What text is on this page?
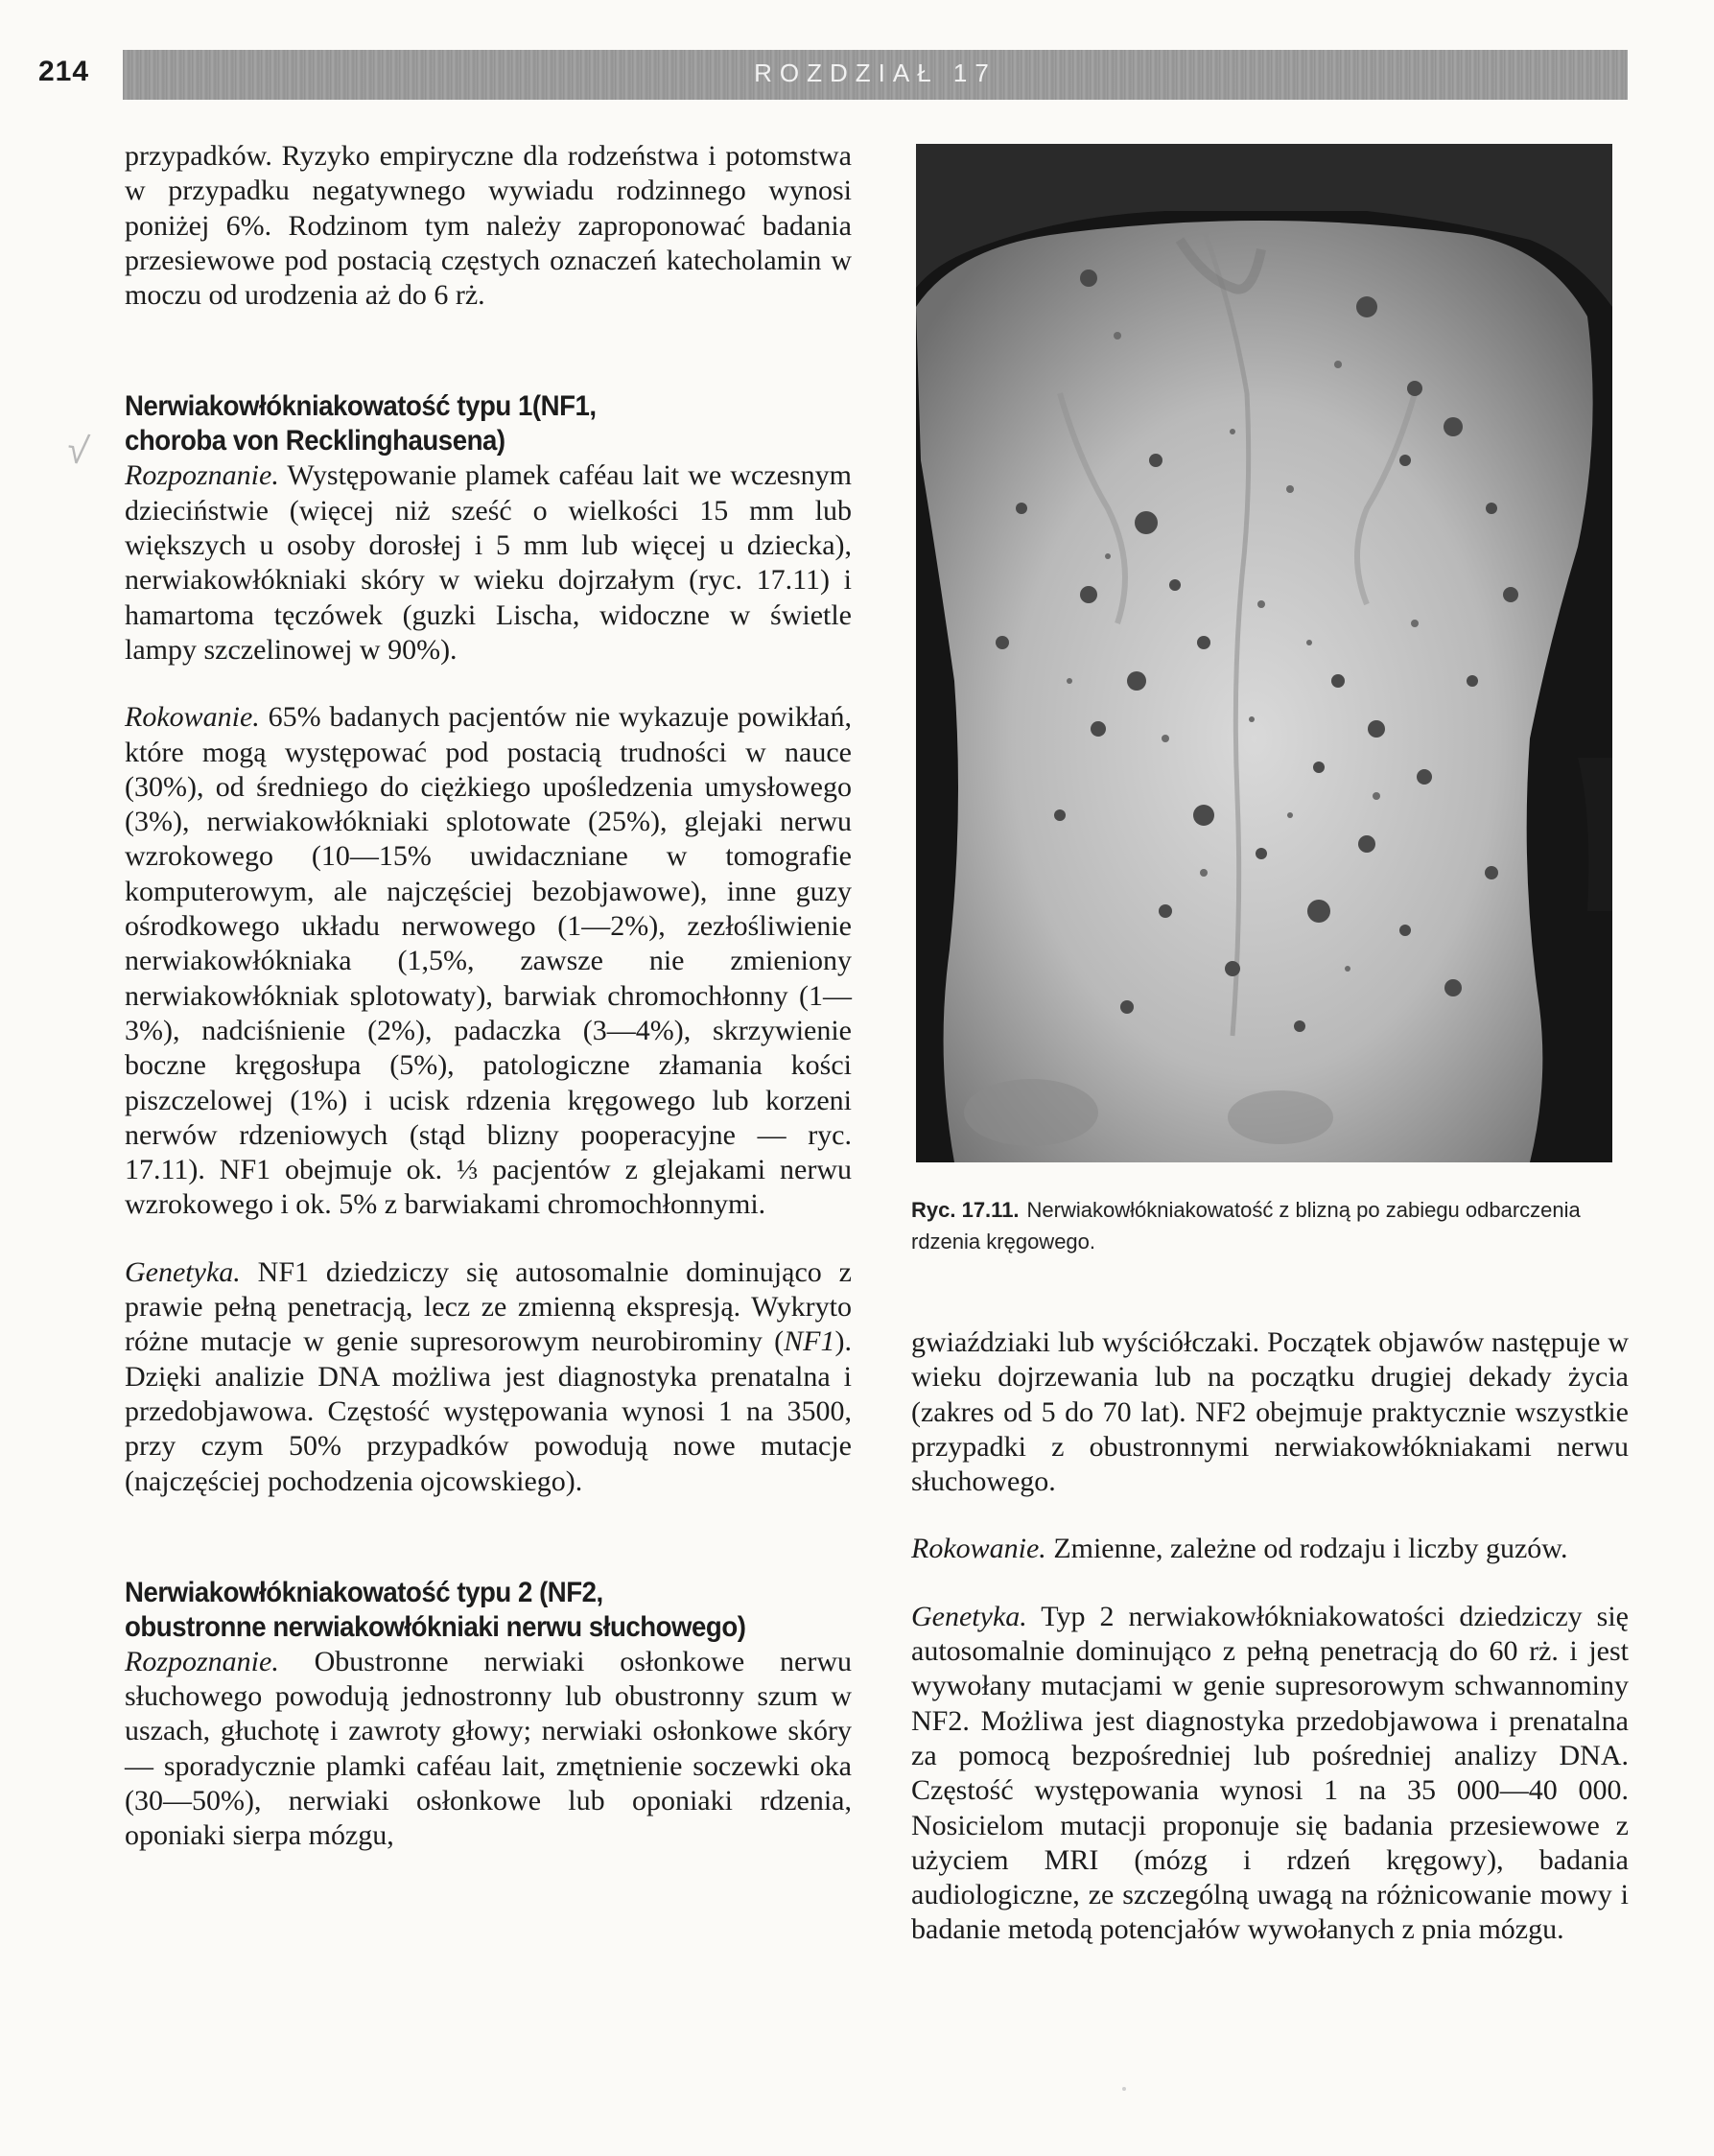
214	ROZDZIAŁ 17
√

przypadków. Ryzyko empiryczne dla rodzeństwa i potomstwa w przypadku negatywnego wywiadu rodzinnego wynosi poniżej 6%. Rodzinom tym należy zaproponować badania przesiewowe pod postacią częstych oznaczeń katecholamin w moczu od urodzenia aż do 6 rż.

Nerwiakowłókniakowatość typu 1(NF1,
choroba von Recklinghausena)

Rozpoznanie. Występowanie plamek caféau lait we wczesnym dzieciństwie (więcej niż sześć o wielkości 15 mm lub większych u osoby dorosłej i 5 mm lub więcej u dziecka), nerwiakowłókniaki skóry w wieku dojrzałym (ryc. 17.11) i hamartoma tęczówek (guzki Lischa, widoczne w świetle lampy szczelinowej w 90%).

Rokowanie. 65% badanych pacjentów nie wykazuje powikłań, które mogą występować pod postacią trudności w nauce (30%), od średniego do ciężkiego upośledzenia umysłowego (3%), nerwiakowłókniaki splotowate (25%), glejaki nerwu wzrokowego (10—15% uwidaczniane w tomografie komputerowym, ale najczęściej bezobjawowe), inne guzy ośrodkowego układu nerwowego (1—2%), zezłośliwienie nerwiakowłókniaka (1,5%, zawsze nie zmieniony nerwiakowłókniak splotowaty), barwiak chromochłonny (1—3%), nadciśnienie (2%), padaczka (3—4%), skrzywienie boczne kręgosłupa (5%), patologiczne złamania kości piszczelowej (1%) i ucisk rdzenia kręgowego lub korzeni nerwów rdzeniowych (stąd blizny pooperacyjne — ryc. 17.11). NF1 obejmuje ok. ⅓ pacjentów z glejakami nerwu wzrokowego i ok. 5% z barwiakami chromochłonnymi.

Genetyka. NF1 dziedziczy się autosomalnie dominująco z prawie pełną penetracją, lecz ze zmienną ekspresją. Wykryto różne mutacje w genie supresorowym neurobirominy (NF1). Dzięki analizie DNA możliwa jest diagnostyka prenatalna i przedobjawowa. Częstość występowania wynosi 1 na 3500, przy czym 50% przypadków powodują nowe mutacje (najczęściej pochodzenia ojcowskiego).

Nerwiakowłókniakowatość typu 2 (NF2,
obustronne nerwiakowłókniaki nerwu słuchowego)

Rozpoznanie. Obustronne nerwiaki osłonkowe nerwu słuchowego powodują jednostronny lub obustronny szum w uszach, głuchotę i zawroty głowy; nerwiaki osłonkowe skóry — sporadycznie plamki caféau lait, zmętnienie soczewki oka (30—50%), nerwiaki osłonkowe lub oponiaki rdzenia, oponiaki sierpa mózgu,

Ryc. 17.11. Nerwiakowłókniakowatość z blizną po zabiegu odbarczenia rdzenia kręgowego.

gwiaździaki lub wyściółczaki. Początek objawów następuje w wieku dojrzewania lub na początku drugiej dekady życia (zakres od 5 do 70 lat). NF2 obejmuje praktycznie wszystkie przypadki z obustronnymi nerwiakowłókniakami nerwu słuchowego.

Rokowanie. Zmienne, zależne od rodzaju i liczby guzów.

Genetyka. Typ 2 nerwiakowłókniakowatości dziedziczy się autosomalnie dominująco z pełną penetracją do 60 rż. i jest wywołany mutacjami w genie supresorowym schwannominy NF2. Możliwa jest diagnostyka przedobjawowa i prenatalna za pomocą bezpośredniej lub pośredniej analizy DNA. Częstość występowania wynosi 1 na 35 000—40 000. Nosicielom mutacji proponuje się badania przesiewowe z użyciem MRI (mózg i rdzeń kręgowy), badania audiologiczne, ze szczególną uwagą na różnicowanie mowy i badanie metodą potencjałów wywołanych z pnia mózgu.
